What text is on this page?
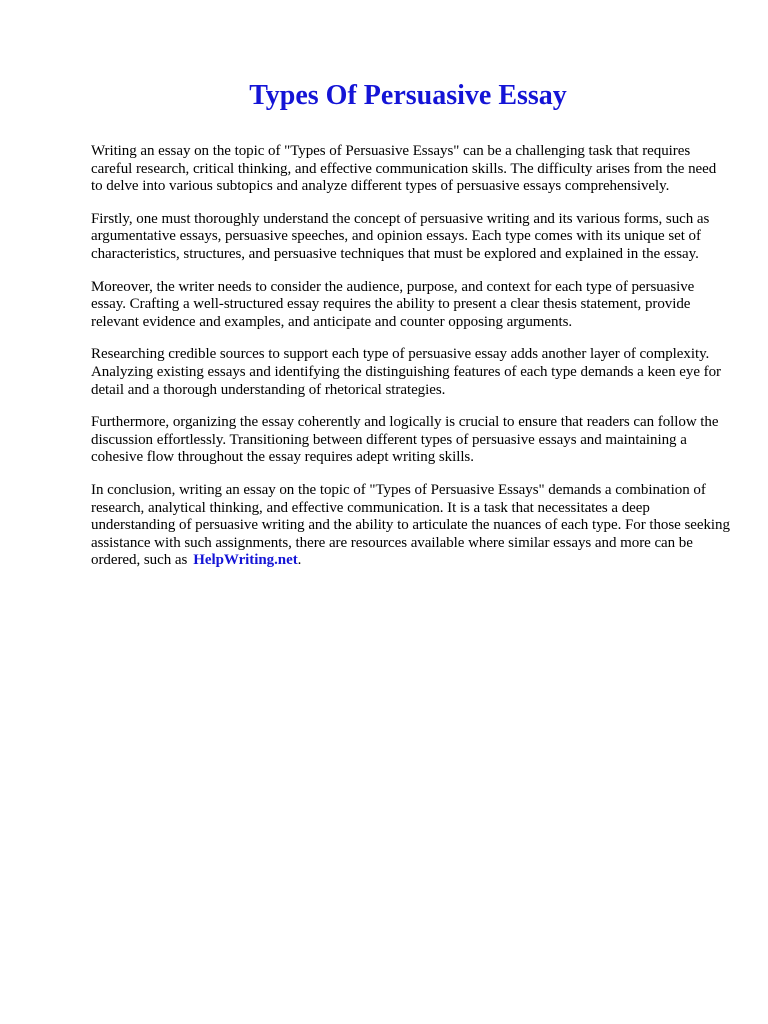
Types Of Persuasive Essay

Writing an essay on the topic of "Types of Persuasive Essays" can be a challenging task that requires careful research, critical thinking, and effective communication skills. The difficulty arises from the need to delve into various subtopics and analyze different types of persuasive essays comprehensively.

Firstly, one must thoroughly understand the concept of persuasive writing and its various forms, such as argumentative essays, persuasive speeches, and opinion essays. Each type comes with its unique set of characteristics, structures, and persuasive techniques that must be explored and explained in the essay.

Moreover, the writer needs to consider the audience, purpose, and context for each type of persuasive essay. Crafting a well-structured essay requires the ability to present a clear thesis statement, provide relevant evidence and examples, and anticipate and counter opposing arguments.

Researching credible sources to support each type of persuasive essay adds another layer of complexity. Analyzing existing essays and identifying the distinguishing features of each type demands a keen eye for detail and a thorough understanding of rhetorical strategies.

Furthermore, organizing the essay coherently and logically is crucial to ensure that readers can follow the discussion effortlessly. Transitioning between different types of persuasive essays and maintaining a cohesive flow throughout the essay requires adept writing skills.

In conclusion, writing an essay on the topic of "Types of Persuasive Essays" demands a combination of research, analytical thinking, and effective communication. It is a task that necessitates a deep understanding of persuasive writing and the ability to articulate the nuances of each type. For those seeking assistance with such assignments, there are resources available where similar essays and more can be ordered, such as HelpWriting.net.
